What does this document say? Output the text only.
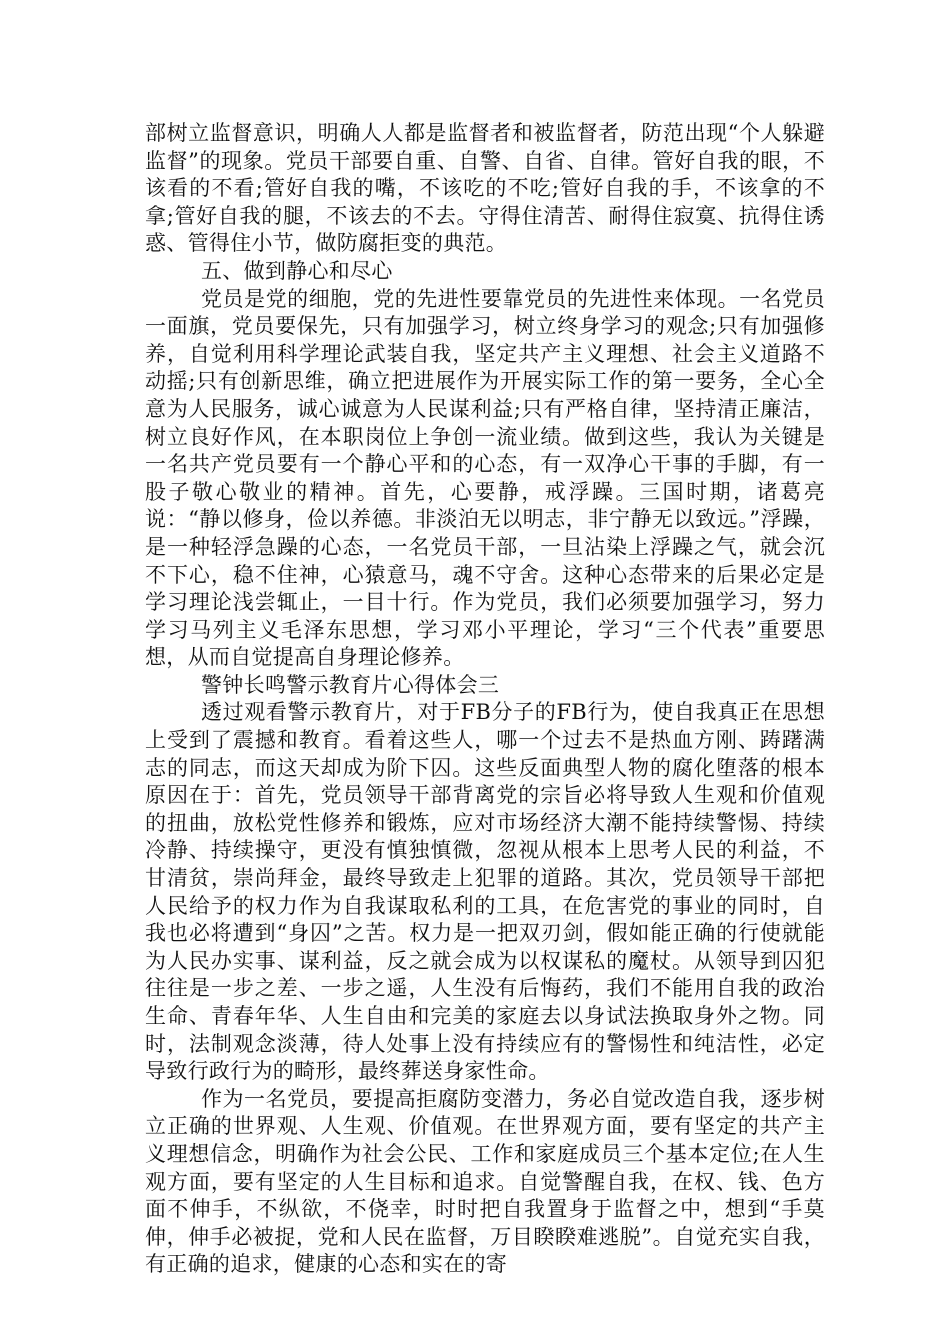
部树立监督意识，明确人人都是监督者和被监督者，防范出现“个人躲避监督”的现象。党员干部要自重、自警、自省、自律。管好自我的眼，不该看的不看;管好自我的嘴，不该吃的不吃;管好自我的手，不该拿的不拿;管好自我的腿，不该去的不去。守得住清苦、耐得住寂寞、抗得住诱惑、管得住小节，做防腐拒变的典范。

五、做到静心和尽心

党员是党的细胞，党的先进性要靠党员的先进性来体现。一名党员一面旗，党员要保先，只有加强学习，树立终身学习的观念;只有加强修养，自觉利用科学理论武装自我，坚定共产主义理想、社会主义道路不动摇;只有创新思维，确立把进展作为开展实际工作的第一要务，全心全意为人民服务，诚心诚意为人民谋利益;只有严格自律，坚持清正廉洁，树立良好作风，在本职岗位上争创一流业绩。做到这些，我认为关键是一名共产党员要有一个静心平和的心态，有一双净心干事的手脚，有一股子敬心敬业的精神。首先，心要静，戒浮躁。三国时期，诸葛亮说：“静以修身，俭以养德。非淡泊无以明志，非宁静无以致远。”浮躁，是一种轻浮急躁的心态，一名党员干部，一旦沾染上浮躁之气，就会沉不下心，稳不住神，心猿意马，魂不守舍。这种心态带来的后果必定是学习理论浅尝辄止，一目十行。作为党员，我们必须要加强学习，努力学习马列主义毛泽东思想，学习邓小平理论，学习“三个代表”重要思想，从而自觉提高自身理论修养。

警钟长鸣警示教育片心得体会三

透过观看警示教育片，对于FB分子的FB行为，使自我真正在思想上受到了震撼和教育。看着这些人，哪一个过去不是热血方刚、踌躇满志的同志，而这天却成为阶下囚。这些反面典型人物的腐化堕落的根本原因在于：首先，党员领导干部背离党的宗旨必将导致人生观和价值观的扭曲，放松党性修养和锻炼，应对市场经济大潮不能持续警惕、持续冷静、持续操守，更没有慎独慎微，忽视从根本上思考人民的利益，不甘清贫，崇尚拜金，最终导致走上犯罪的道路。其次，党员领导干部把人民给予的权力作为自我谋取私利的工具，在危害党的事业的同时，自我也必将遭到“身囚”之苦。权力是一把双刃剑，假如能正确的行使就能为人民办实事、谋利益，反之就会成为以权谋私的魔杖。从领导到囚犯往往是一步之差、一步之遥，人生没有后悔药，我们不能用自我的政治生命、青春年华、人生自由和完美的家庭去以身试法换取身外之物。同时，法制观念淡薄，待人处事上没有持续应有的警惕性和纯洁性，必定导致行政行为的畸形，最终葬送身家性命。

作为一名党员，要提高拒腐防变潜力，务必自觉改造自我，逐步树立正确的世界观、人生观、价值观。在世界观方面，要有坚定的共产主义理想信念，明确作为社会公民、工作和家庭成员三个基本定位;在人生观方面，要有坚定的人生目标和追求。自觉警醒自我，在权、钱、色方面不伸手，不纵欲，不侥幸，时时把自我置身于监督之中，想到“手莫伸，伸手必被捉，党和人民在监督，万目睽睽难逃脱”。自觉充实自我，有正确的追求，健康的心态和实在的寄
